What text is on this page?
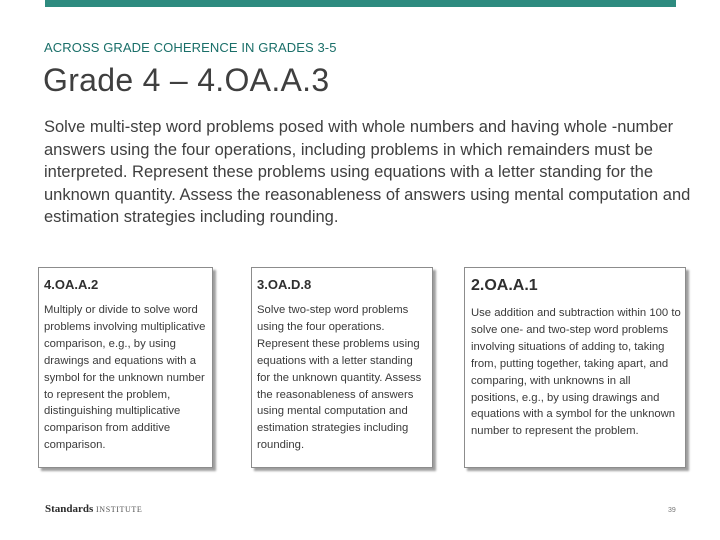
ACROSS GRADE COHERENCE IN GRADES 3-5
Grade 4 – 4.OA.A.3
Solve multi-step word problems posed with whole numbers and having whole -number answers using the four operations, including problems in which remainders must be interpreted. Represent these problems using equations with a letter standing for the unknown quantity. Assess the reasonableness of answers using mental computation and estimation strategies including rounding.
4.OA.A.2
Multiply or divide to solve word problems involving multiplicative comparison, e.g., by using drawings and equations with a symbol for the unknown number to represent the problem, distinguishing multiplicative comparison from additive comparison.
3.OA.D.8
Solve two-step word problems using the four operations. Represent these problems using equations with a letter standing for the unknown quantity. Assess the reasonableness of answers using mental computation and estimation strategies including rounding.
2.OA.A.1
Use addition and subtraction within 100 to solve one- and two-step word problems involving situations of adding to, taking from, putting together, taking apart, and comparing, with unknowns in all positions, e.g., by using drawings and equations with a symbol for the unknown number to represent the problem.
Standards INSTITUTE	39
